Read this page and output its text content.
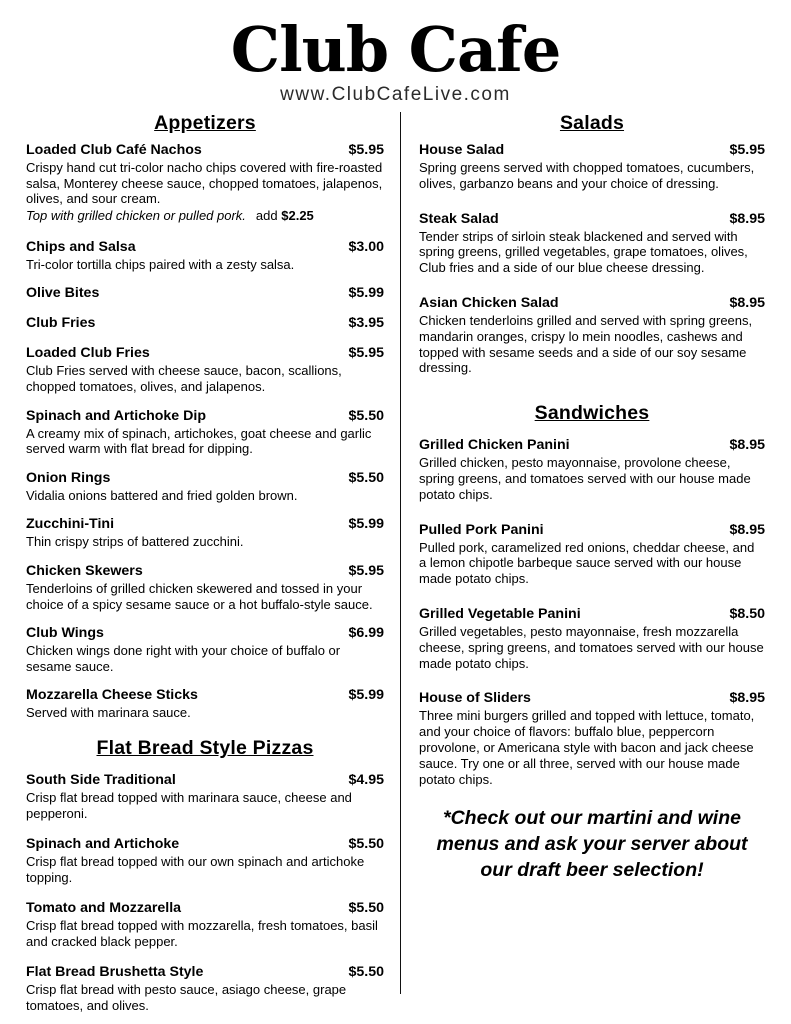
Club Cafe
www.ClubCafeLive.com
Appetizers
Loaded Club Café Nachos	$5.95
Crispy hand cut tri-color nacho chips covered with fire-roasted salsa, Monterey cheese sauce, chopped tomatoes, jalapenos, olives, and sour cream.
Top with grilled chicken or pulled pork. add $2.25
Chips and Salsa	$3.00
Tri-color tortilla chips paired with a zesty salsa.
Olive Bites	$5.99
Club Fries	$3.95
Loaded Club Fries	$5.95
Club Fries served with cheese sauce, bacon, scallions, chopped tomatoes, olives, and jalapenos.
Spinach and Artichoke Dip	$5.50
A creamy mix of spinach, artichokes, goat cheese and garlic served warm with flat bread for dipping.
Onion Rings	$5.50
Vidalia onions battered and fried golden brown.
Zucchini-Tini	$5.99
Thin crispy strips of battered zucchini.
Chicken Skewers	$5.95
Tenderloins of grilled chicken skewered and tossed in your choice of a spicy sesame sauce or a hot buffalo-style sauce.
Club Wings	$6.99
Chicken wings done right with your choice of buffalo or sesame sauce.
Mozzarella Cheese Sticks	$5.99
Served with marinara sauce.
Flat Bread Style Pizzas
South Side Traditional	$4.95
Crisp flat bread topped with marinara sauce, cheese and pepperoni.
Spinach and Artichoke	$5.50
Crisp flat bread topped with our own spinach and artichoke topping.
Tomato and Mozzarella	$5.50
Crisp flat bread topped with mozzarella, fresh tomatoes, basil and cracked black pepper.
Flat Bread Brushetta Style	$5.50
Crisp flat bread with pesto sauce, asiago cheese, grape tomatoes, and olives.
Salads
House Salad	$5.95
Spring greens served with chopped tomatoes, cucumbers, olives, garbanzo beans and your choice of dressing.
Steak Salad	$8.95
Tender strips of sirloin steak blackened and served with spring greens, grilled vegetables, grape tomatoes, olives, Club fries and a side of our blue cheese dressing.
Asian Chicken Salad	$8.95
Chicken tenderloins grilled and served with spring greens, mandarin oranges, crispy lo mein noodles, cashews and topped with sesame seeds and a side of our soy sesame dressing.
Sandwiches
Grilled Chicken Panini	$8.95
Grilled chicken, pesto mayonnaise, provolone cheese, spring greens, and tomatoes served with our house made potato chips.
Pulled Pork Panini	$8.95
Pulled pork, caramelized red onions, cheddar cheese, and a lemon chipotle barbeque sauce served with our house made potato chips.
Grilled Vegetable Panini	$8.50
Grilled vegetables, pesto mayonnaise, fresh mozzarella cheese, spring greens, and tomatoes served with our house made potato chips.
House of Sliders	$8.95
Three mini burgers grilled and topped with lettuce, tomato, and your choice of flavors: buffalo blue, peppercorn provolone, or Americana style with bacon and jack cheese sauce. Try one or all three, served with our house made potato chips.
*Check out our martini and wine menus and ask your server about our draft beer selection!
